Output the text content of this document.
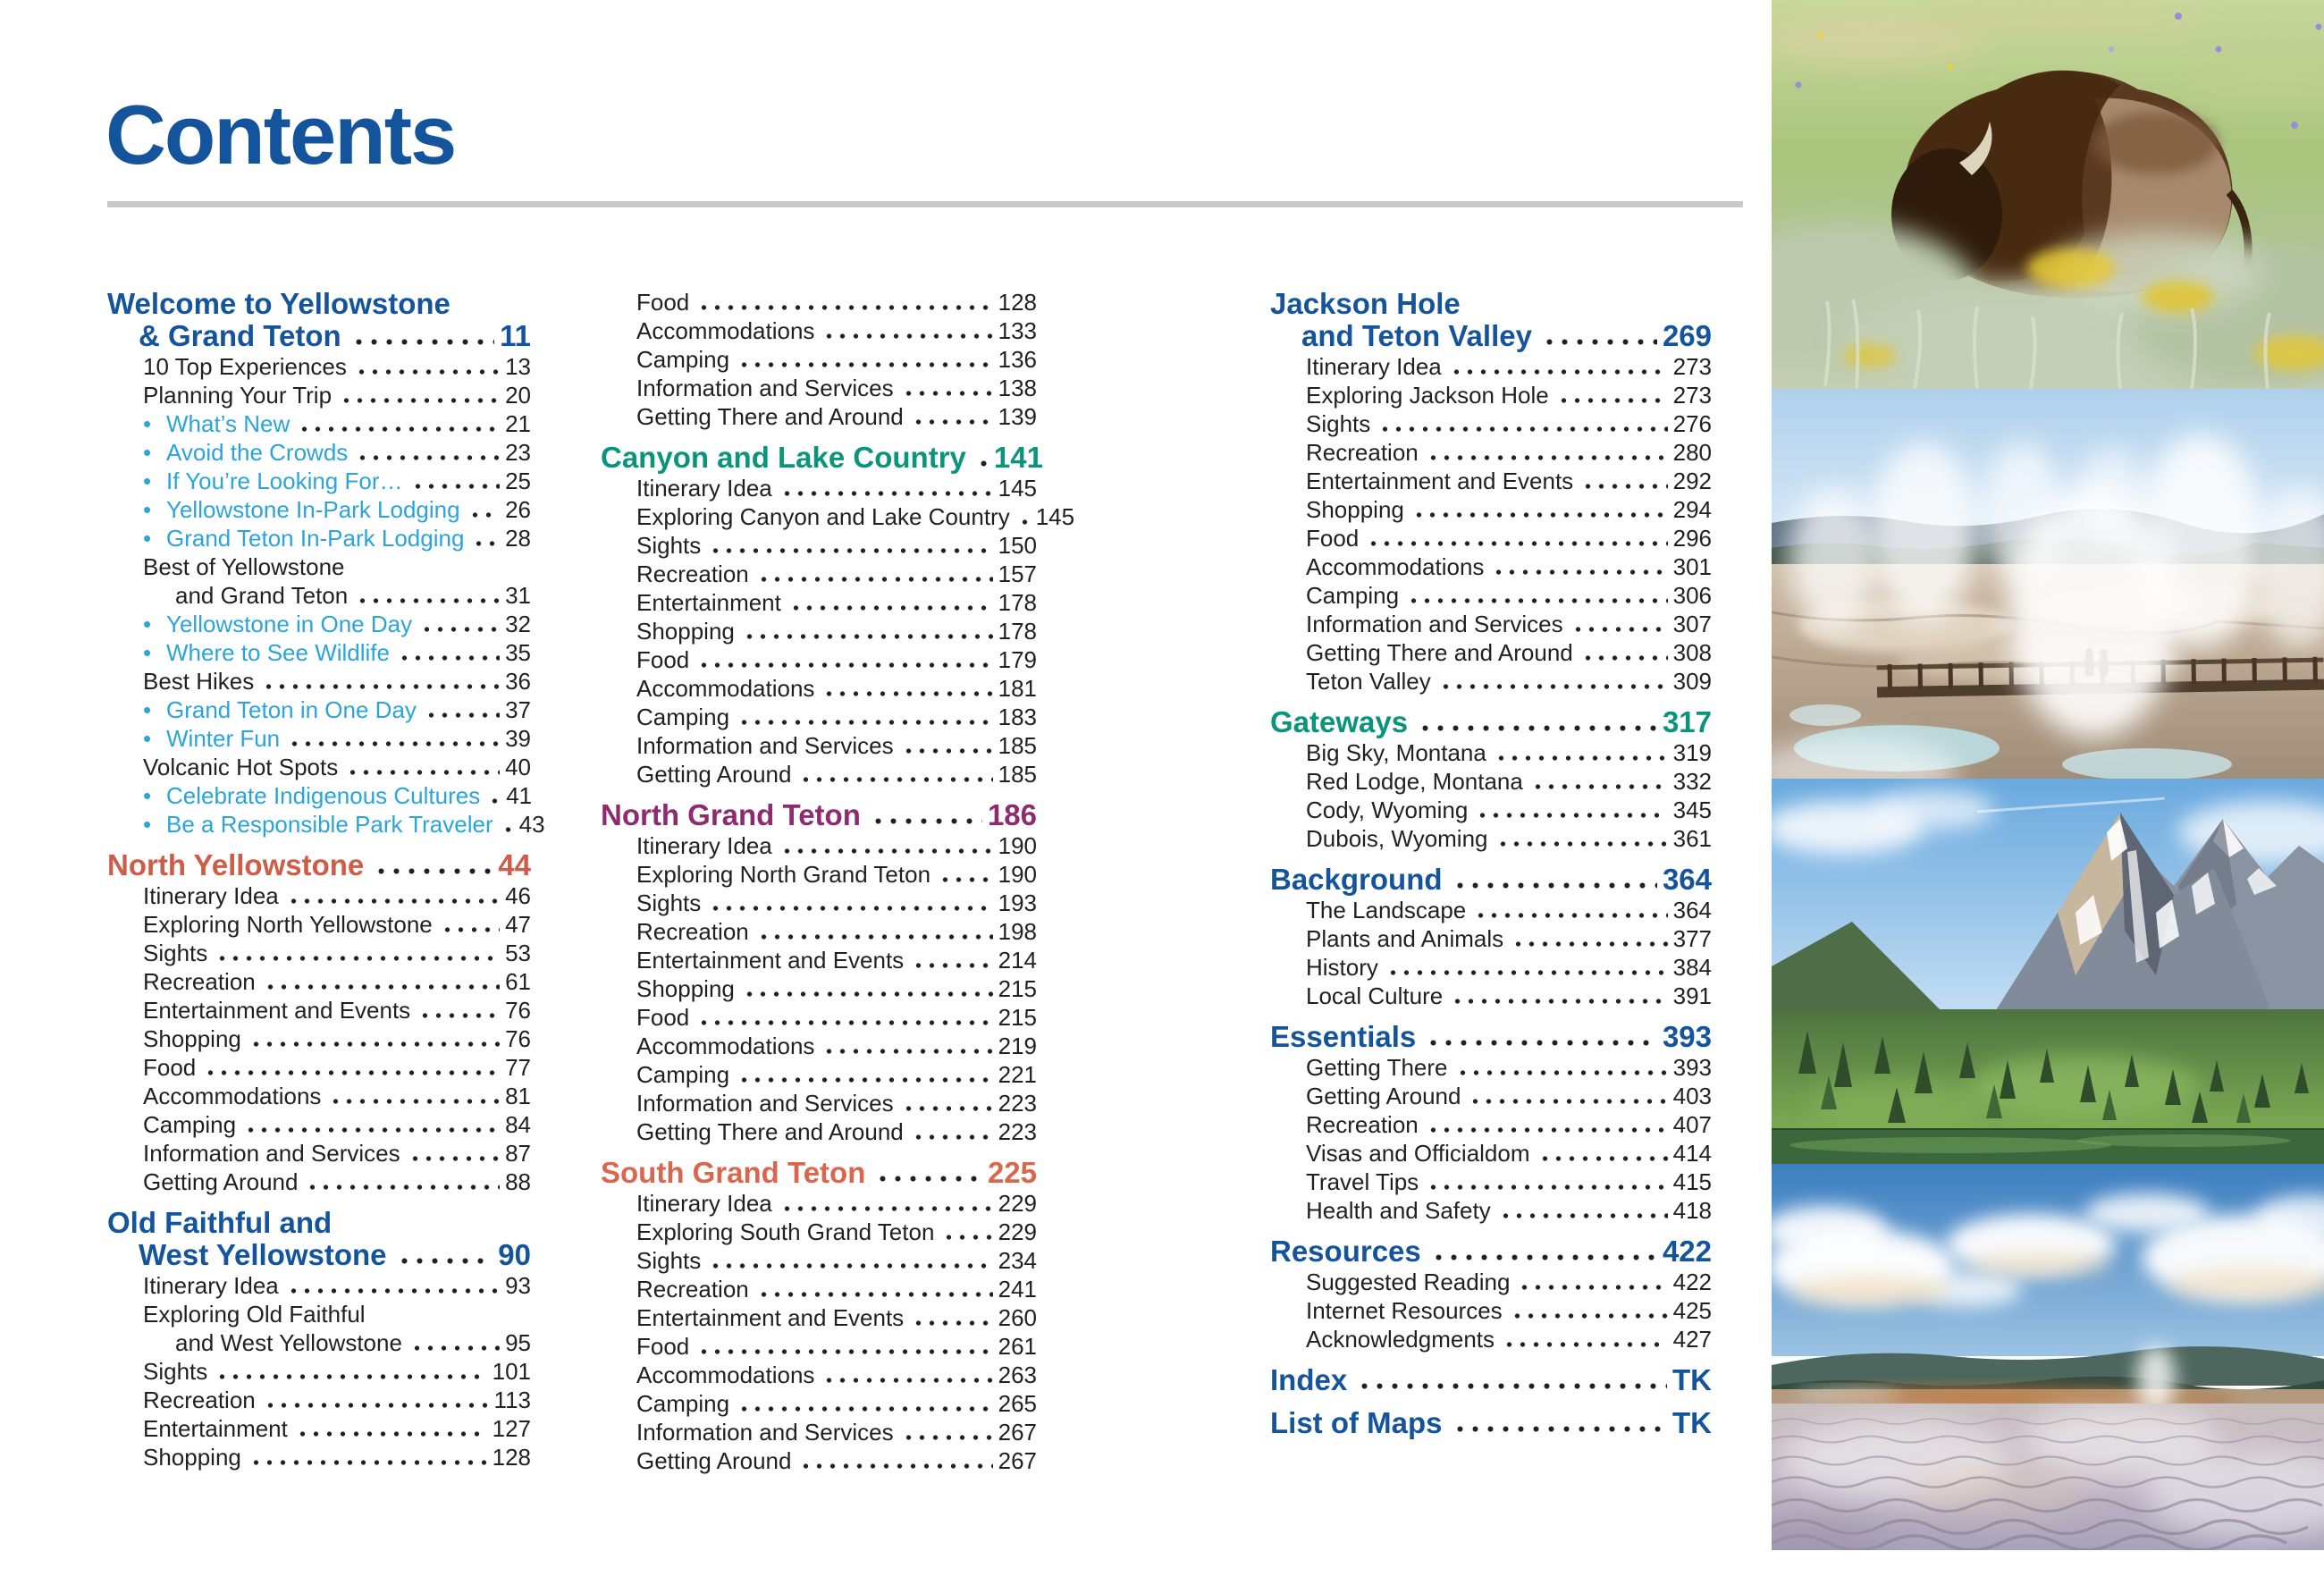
Contents
Welcome to Yellowstone
& Grand Teton	11
10 Top Experiences	13
Planning Your Trip	20
• What’s New	21
• Avoid the Crowds	23
• If You’re Looking For…	25
• Yellowstone In-Park Lodging 26
• Grand Teton In-Park Lodging 28
Best of Yellowstone
and Grand Teton	31
• Yellowstone in One Day	32
• Where to See Wildlife	35
Best Hikes	36
• Grand Teton in One Day	37
• Winter Fun	39
Volcanic Hot Spots	40
• Celebrate Indigenous Cultures 41
• Be a Responsible Park Traveler 43
North Yellowstone	44
Itinerary Idea	46
Exploring North Yellowstone	47
Sights	53
Recreation	61
Entertainment and Events	76
Shopping	76
Food	77
Accommodations	81
Camping	84
Information and Services	87
Getting Around	88
Old Faithful and
West Yellowstone	90
Itinerary Idea	93
Exploring Old Faithful
and West Yellowstone	95
Sights	101
Recreation	113
Entertainment	127
Shopping	128
Food	128
Accommodations	133
Camping	136
Information and Services	138
Getting There and Around	139
Canyon and Lake Country 141
Itinerary Idea	145
Exploring Canyon and Lake Country 145
Sights	150
Recreation	157
Entertainment	178
Shopping	178
Food	179
Accommodations	181
Camping	183
Information and Services	185
Getting Around	185
North Grand Teton	186
Itinerary Idea	190
Exploring North Grand Teton	190
Sights	193
Recreation	198
Entertainment and Events	214
Shopping	215
Food	215
Accommodations	219
Camping	221
Information and Services	223
Getting There and Around	223
South Grand Teton	225
Itinerary Idea	229
Exploring South Grand Teton	229
Sights	234
Recreation	241
Entertainment and Events	260
Food	261
Accommodations	263
Camping	265
Information and Services	267
Getting Around	267
Jackson Hole
and Teton Valley	269
Itinerary Idea	273
Exploring Jackson Hole	273
Sights	276
Recreation	280
Entertainment and Events	292
Shopping	294
Food	296
Accommodations	301
Camping	306
Information and Services	307
Getting There and Around	308
Teton Valley	309
Gateways	317
Big Sky, Montana	319
Red Lodge, Montana	332
Cody, Wyoming	345
Dubois, Wyoming	361
Background	364
The Landscape	364
Plants and Animals	377
History	384
Local Culture	391
Essentials	393
Getting There	393
Getting Around	403
Recreation	407
Visas and Officialdom	414
Travel Tips	415
Health and Safety	418
Resources	422
Suggested Reading	422
Internet Resources	425
Acknowledgments	427
Index	TK
List of Maps	TK
